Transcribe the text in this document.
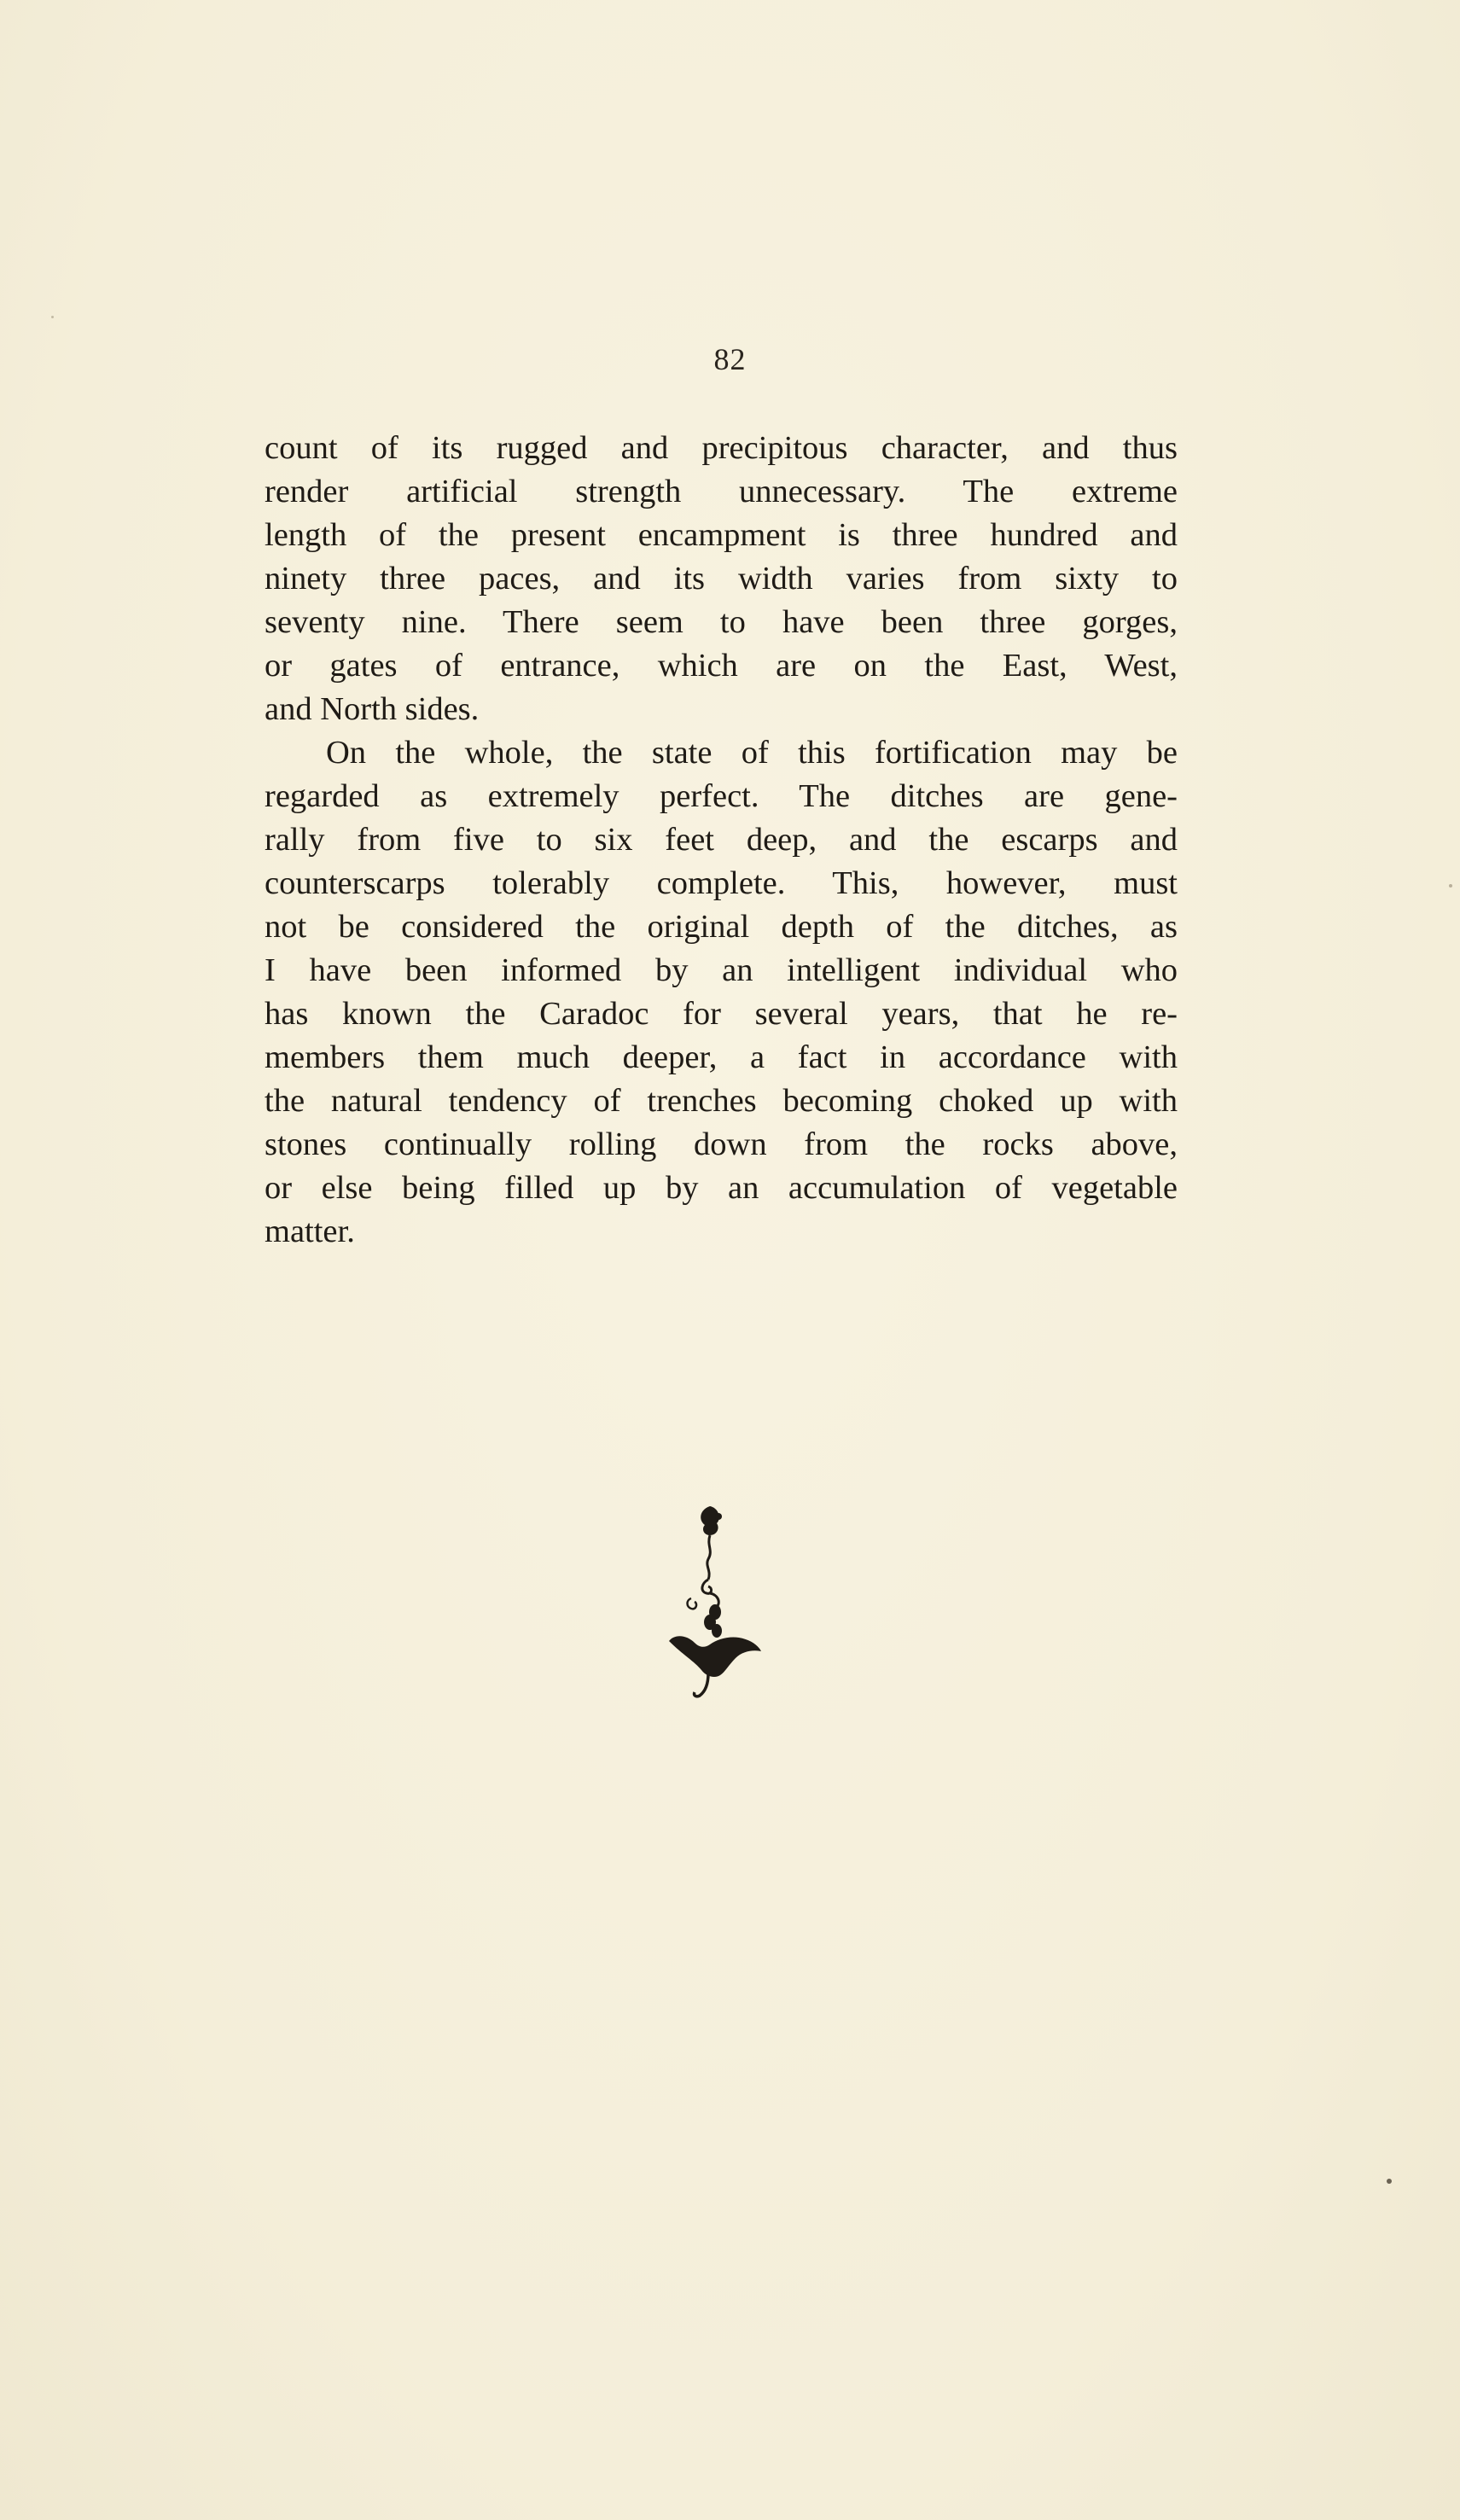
82

count of its rugged and precipitous character, and thus
render artificial strength unnecessary. The extreme
length of the present encampment is three hundred and
ninety three paces, and its width varies from sixty to
seventy nine. There seem to have been three gorges,
or gates of entrance, which are on the East, West,
and North sides.

On the whole, the state of this fortification may be
regarded as extremely perfect. The ditches are gene-
rally from five to six feet deep, and the escarps and
counterscarps tolerably complete. This, however, must
not be considered the original depth of the ditches, as
I have been informed by an intelligent individual who
has known the Caradoc for several years, that he re-
members them much deeper, a fact in accordance with
the natural tendency of trenches becoming choked up with
stones continually rolling down from the rocks above,
or else being filled up by an accumulation of vegetable
matter.
